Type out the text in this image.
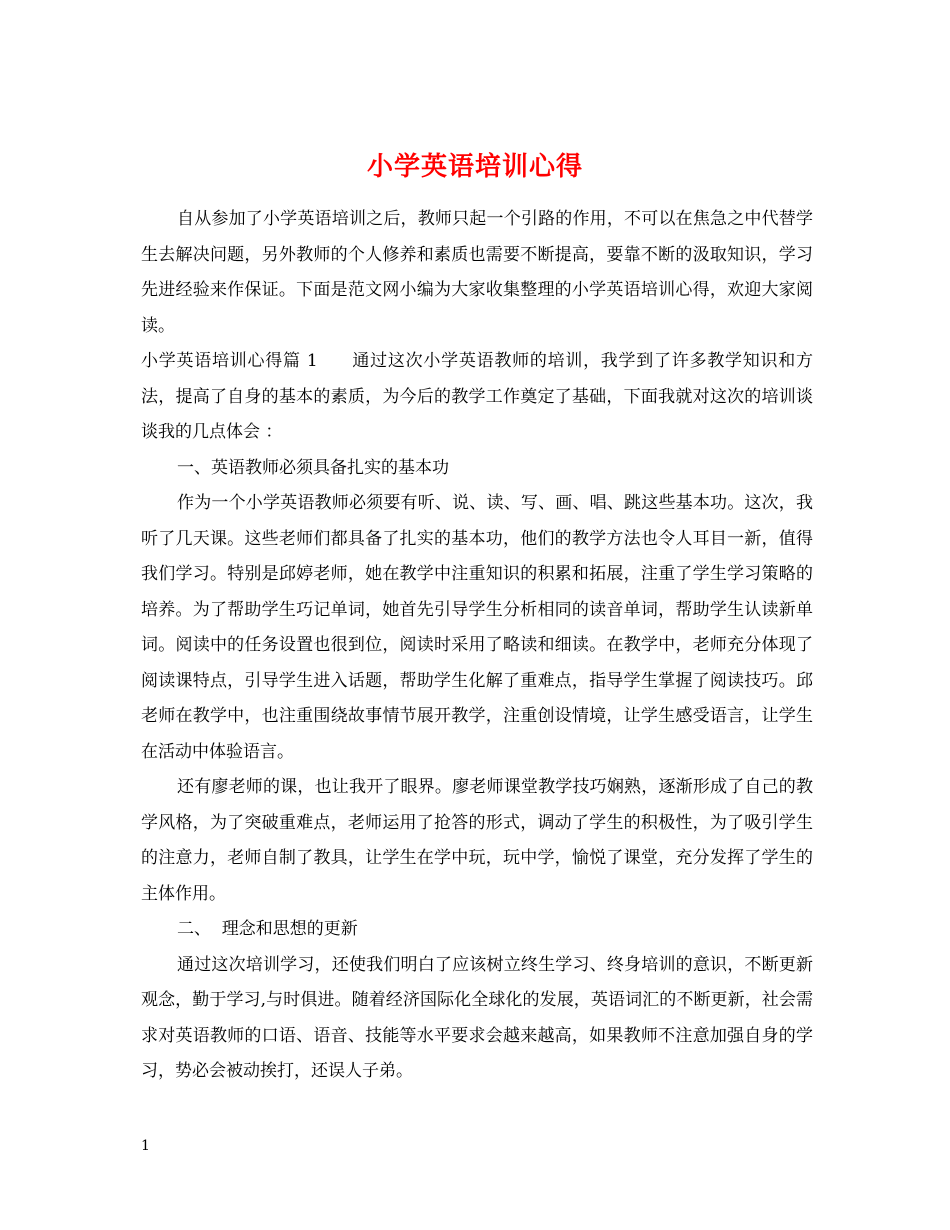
小学英语培训心得

自从参加了小学英语培训之后，教师只起一个引路的作用，不可以在焦急之中代替学生去解决问题，另外教师的个人修养和素质也需要不断提高，要靠不断的汲取知识，学习先进经验来作保证。下面是范文网小编为大家收集整理的小学英语培训心得，欢迎大家阅读。

小学英语培训心得篇 1 通过这次小学英语教师的培训，我学到了许多教学知识和方法，提高了自身的基本的素质，为今后的教学工作奠定了基础，下面我就对这次的培训谈谈我的几点体会 ：

一、英语教师必须具备扎实的基本功

作为一个小学英语教师必须要有听、说、读、写、画、唱、跳这些基本功。这次，我听了几天课。这些老师们都具备了扎实的基本功，他们的教学方法也令人耳目一新，值得我们学习。特别是邱婷老师，她在教学中注重知识的积累和拓展，注重了学生学习策略的培养。为了帮助学生巧记单词，她首先引导学生分析相同的读音单词，帮助学生认读新单词。阅读中的任务设置也很到位，阅读时采用了略读和细读。在教学中，老师充分体现了阅读课特点，引导学生进入话题，帮助学生化解了重难点，指导学生掌握了阅读技巧。邱老师在教学中，也注重围绕故事情节展开教学，注重创设情境，让学生感受语言，让学生在活动中体验语言。

还有廖老师的课，也让我开了眼界。廖老师课堂教学技巧娴熟，逐渐形成了自己的教学风格，为了突破重难点，老师运用了抢答的形式，调动了学生的积极性，为了吸引学生的注意力，老师自制了教具，让学生在学中玩，玩中学，愉悦了课堂，充分发挥了学生的主体作用。

二、  理念和思想的更新

通过这次培训学习，还使我们明白了应该树立终生学习、终身培训的意识，不断更新观念，勤于学习,与时俱进。随着经济国际化全球化的发展，英语词汇的不断更新，社会需求对英语教师的口语、语音、技能等水平要求会越来越高，如果教师不注意加强自身的学习，势必会被动挨打，还误人子弟。

1
